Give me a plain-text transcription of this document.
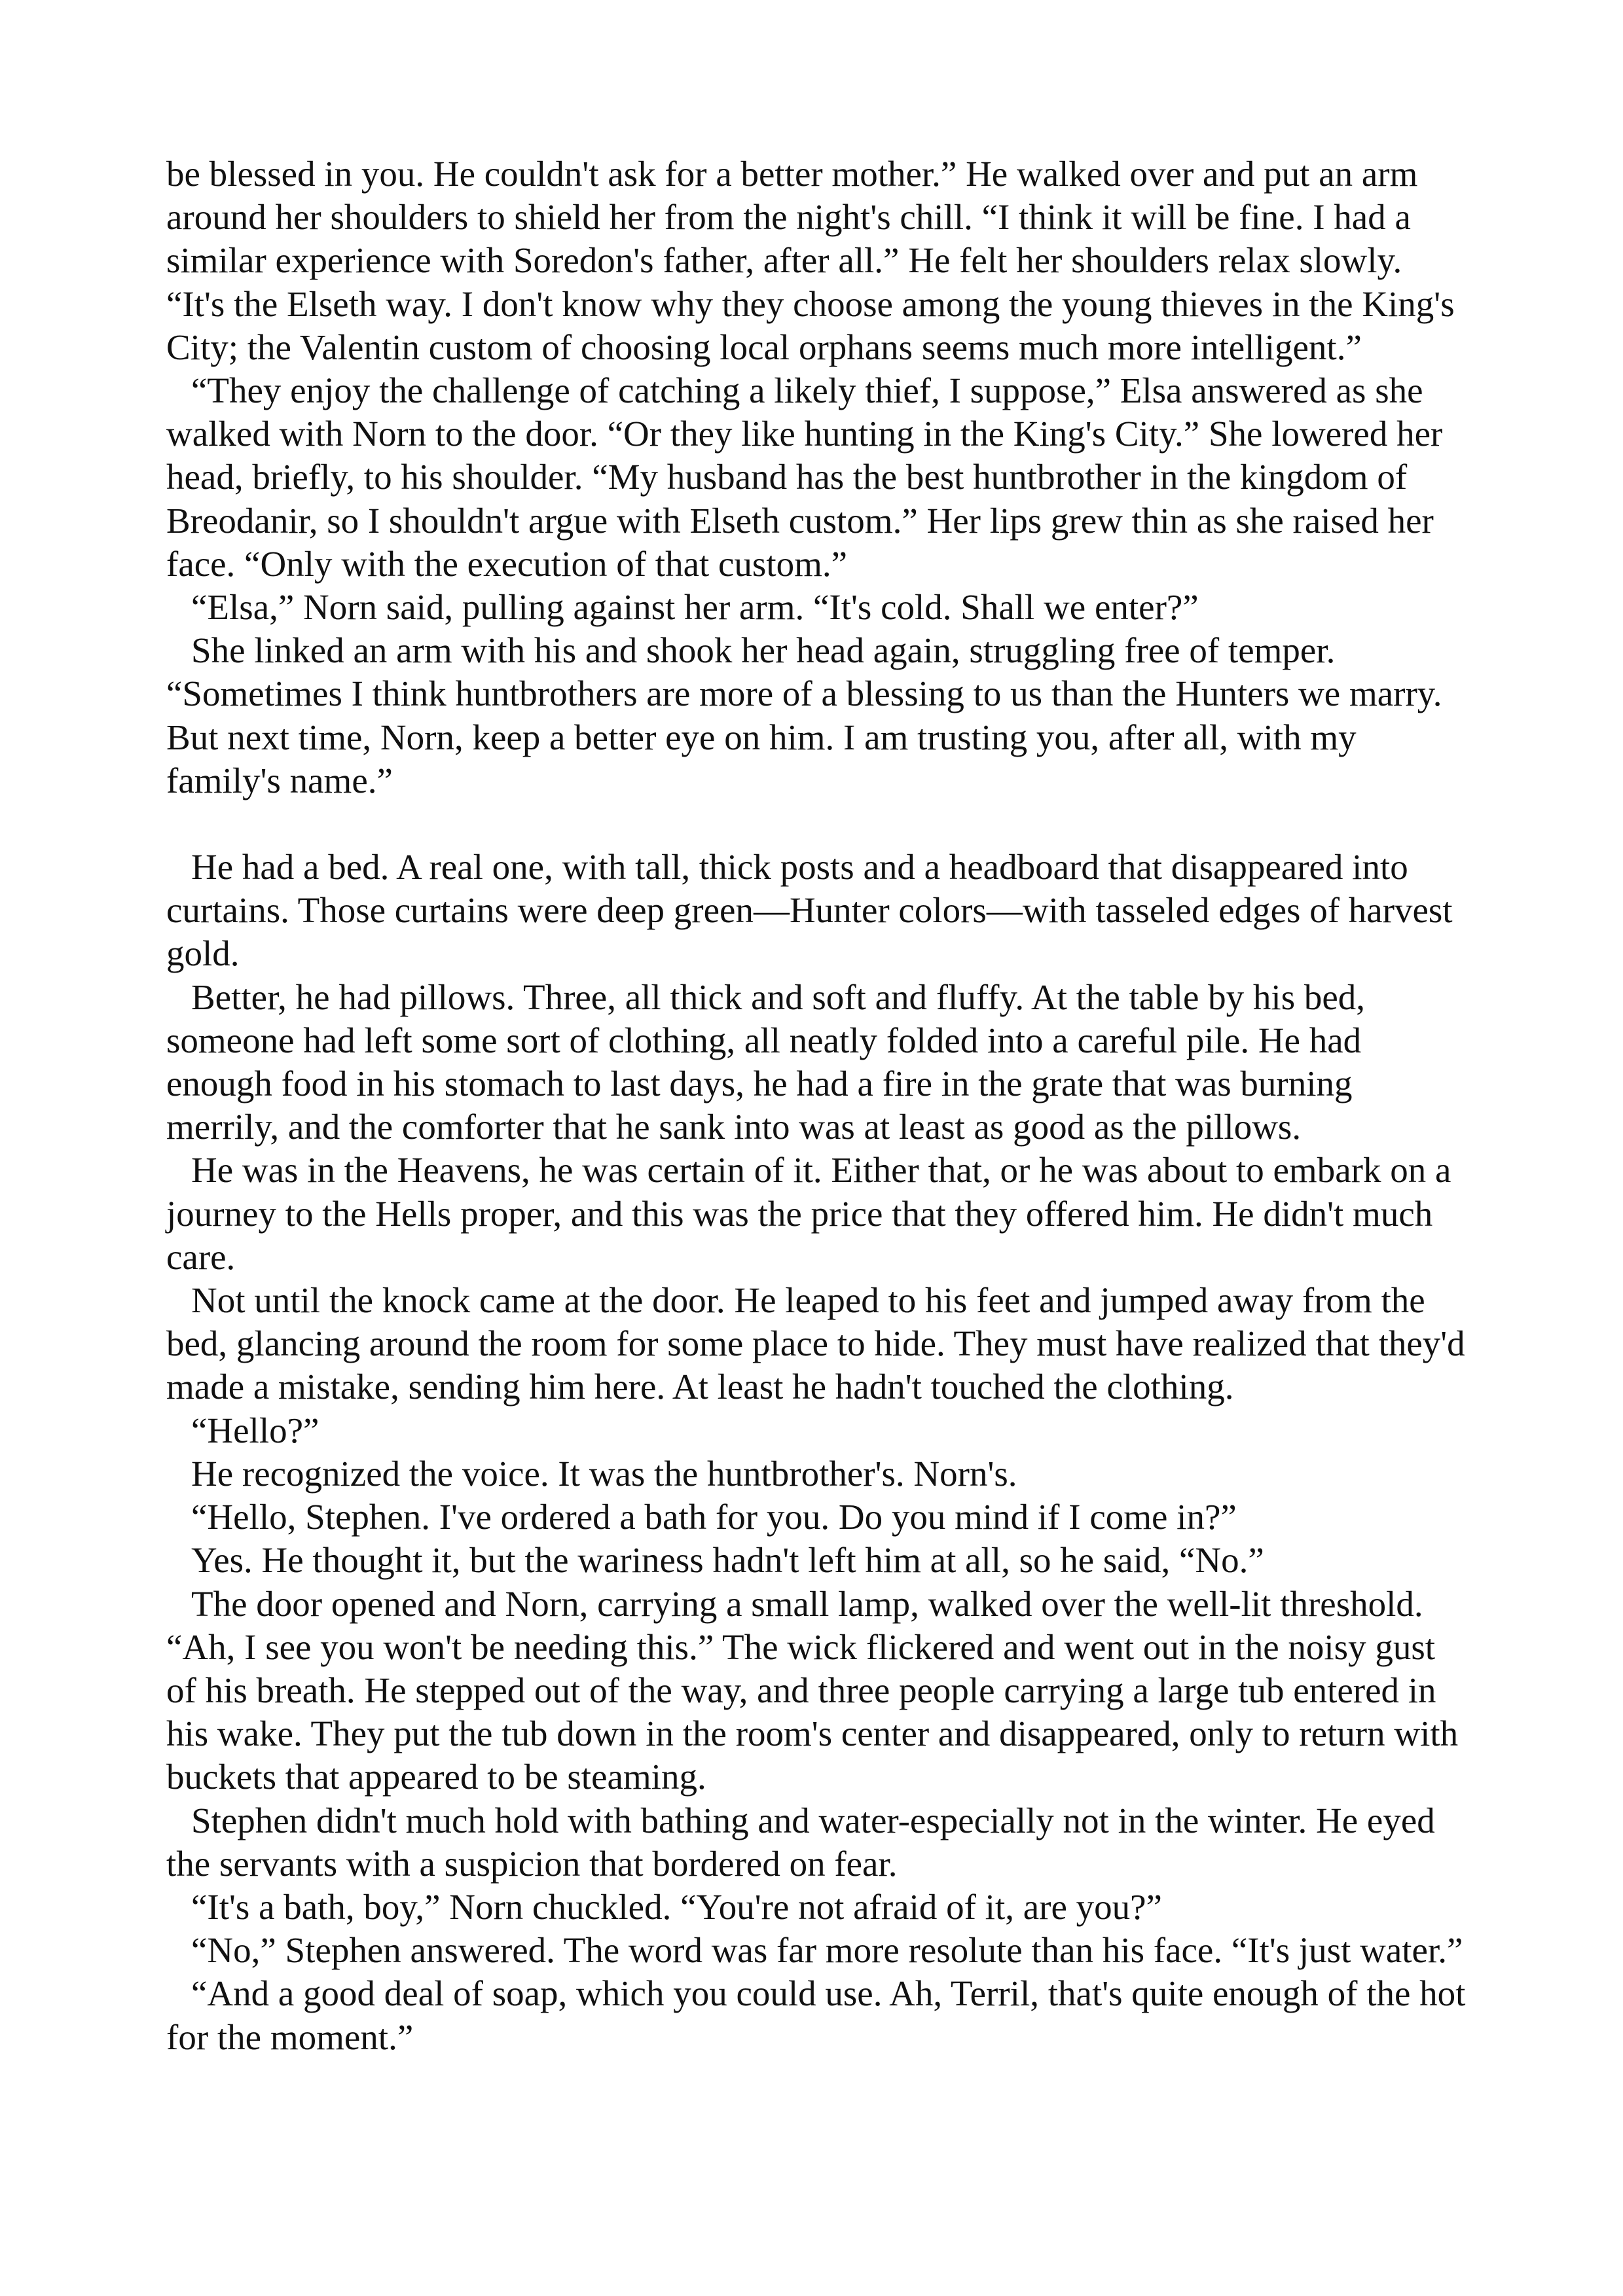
be blessed in you. He couldn't ask for a better mother.” He walked over and put an arm around her shoulders to shield her from the night's chill. “I think it will be fine. I had a similar experience with Soredon's father, after all.” He felt her shoulders relax slowly. “It's the Elseth way. I don't know why they choose among the young thieves in the King's City; the Valentin custom of choosing local orphans seems much more intelligent.”

“They enjoy the challenge of catching a likely thief, I suppose,” Elsa answered as she walked with Norn to the door. “Or they like hunting in the King's City.” She lowered her head, briefly, to his shoulder. “My husband has the best huntbrother in the kingdom of Breodanir, so I shouldn't argue with Elseth custom.” Her lips grew thin as she raised her face. “Only with the execution of that custom.”

“Elsa,” Norn said, pulling against her arm. “It's cold. Shall we enter?”

She linked an arm with his and shook her head again, struggling free of temper. “Sometimes I think huntbrothers are more of a blessing to us than the Hunters we marry. But next time, Norn, keep a better eye on him. I am trusting you, after all, with my family's name.”

He had a bed. A real one, with tall, thick posts and a headboard that disappeared into curtains. Those curtains were deep green—Hunter colors—with tasseled edges of harvest gold.

Better, he had pillows. Three, all thick and soft and fluffy. At the table by his bed, someone had left some sort of clothing, all neatly folded into a careful pile. He had enough food in his stomach to last days, he had a fire in the grate that was burning merrily, and the comforter that he sank into was at least as good as the pillows.

He was in the Heavens, he was certain of it. Either that, or he was about to embark on a journey to the Hells proper, and this was the price that they offered him. He didn't much care.

Not until the knock came at the door. He leaped to his feet and jumped away from the bed, glancing around the room for some place to hide. They must have realized that they'd made a mistake, sending him here. At least he hadn't touched the clothing.

“Hello?”

He recognized the voice. It was the huntbrother's. Norn's.

“Hello, Stephen. I've ordered a bath for you. Do you mind if I come in?”

Yes. He thought it, but the wariness hadn't left him at all, so he said, “No.”

The door opened and Norn, carrying a small lamp, walked over the well-lit threshold. “Ah, I see you won't be needing this.” The wick flickered and went out in the noisy gust of his breath. He stepped out of the way, and three people carrying a large tub entered in his wake. They put the tub down in the room's center and disappeared, only to return with buckets that appeared to be steaming.

Stephen didn't much hold with bathing and water-especially not in the winter. He eyed the servants with a suspicion that bordered on fear.

“It's a bath, boy,” Norn chuckled. “You're not afraid of it, are you?”

“No,” Stephen answered. The word was far more resolute than his face. “It's just water.”

“And a good deal of soap, which you could use. Ah, Terril, that's quite enough of the hot for the moment.”
